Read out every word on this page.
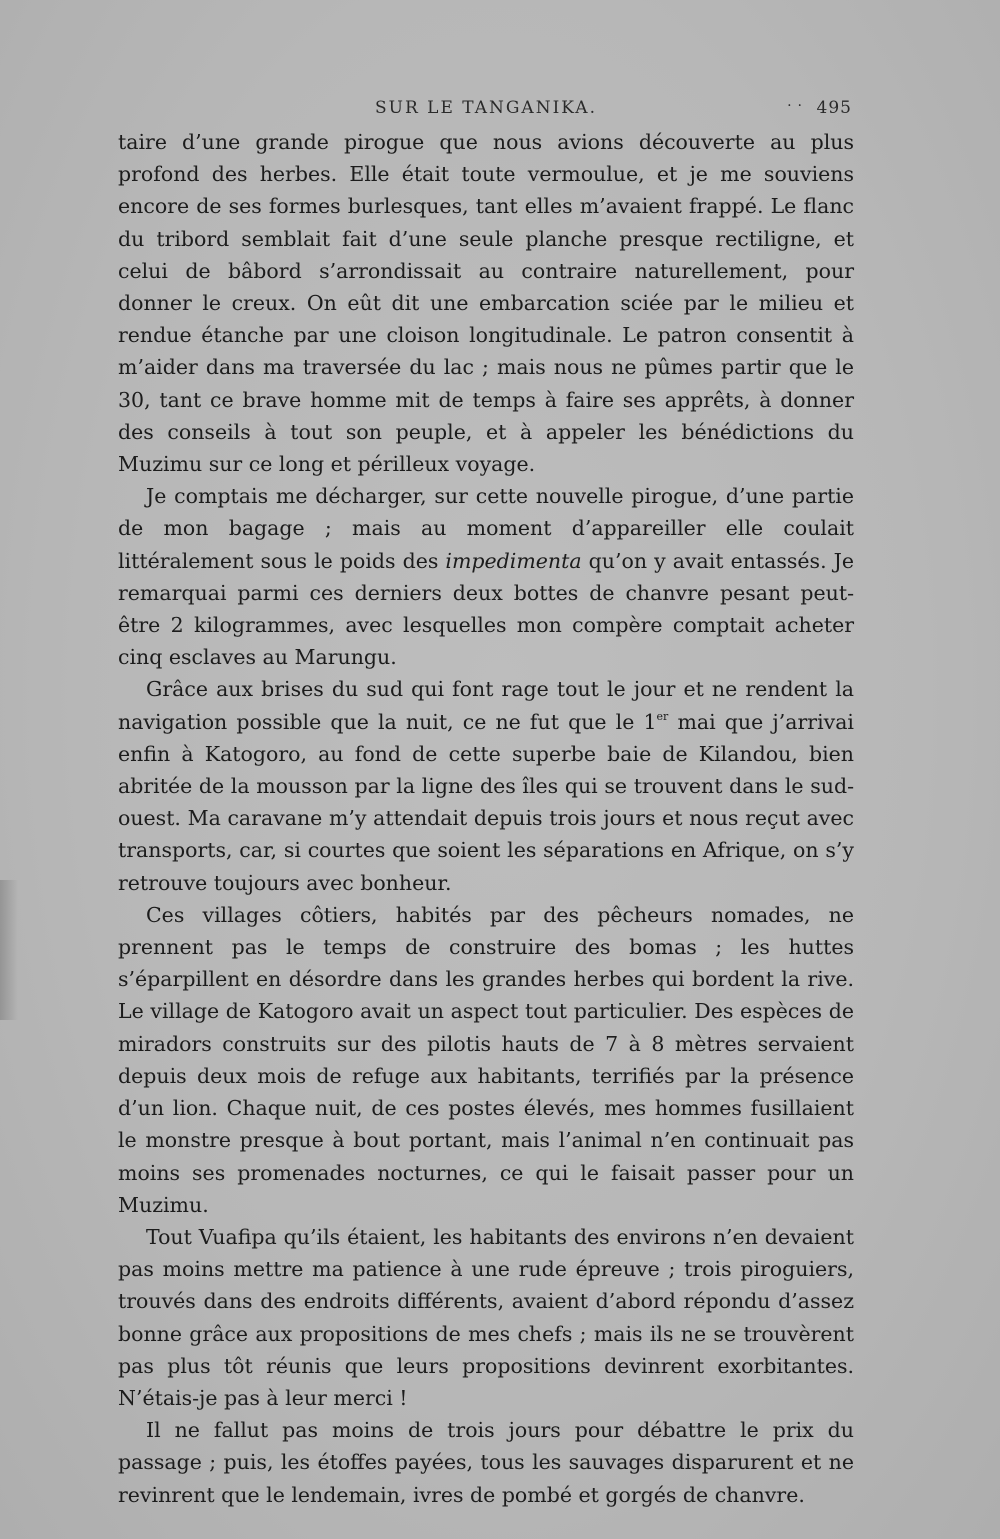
SUR LE TANGANIKA.	.. 495

taire d’une grande pirogue que nous avions découverte au plus profond des herbes. Elle était toute vermoulue, et je me souviens encore de ses formes burlesques, tant elles m’avaient frappé. Le flanc du tribord semblait fait d’une seule planche presque rectiligne, et celui de bâbord s’arrondissait au contraire naturellement, pour donner le creux. On eût dit une embarcation sciée par le milieu et rendue étanche par une cloison longitudinale. Le patron consentit à m’aider dans ma traversée du lac ; mais nous ne pûmes partir que le 30, tant ce brave homme mit de temps à faire ses apprêts, à donner des conseils à tout son peuple, et à appeler les bénédictions du Muzimu sur ce long et périlleux voyage.

Je comptais me décharger, sur cette nouvelle pirogue, d’une partie de mon bagage ; mais au moment d’appareiller elle coulait littéralement sous le poids des impedimenta qu’on y avait entassés. Je remarquai parmi ces derniers deux bottes de chanvre pesant peut-être 2 kilogrammes, avec lesquelles mon compère comptait acheter cinq esclaves au Marungu.

Grâce aux brises du sud qui font rage tout le jour et ne rendent la navigation possible que la nuit, ce ne fut que le 1er mai que j’arrivai enfin à Katogoro, au fond de cette superbe baie de Kilandou, bien abritée de la mousson par la ligne des îles qui se trouvent dans le sud-ouest. Ma caravane m’y attendait depuis trois jours et nous reçut avec transports, car, si courtes que soient les séparations en Afrique, on s’y retrouve toujours avec bonheur.

Ces villages côtiers, habités par des pêcheurs nomades, ne prennent pas le temps de construire des bomas ; les huttes s’éparpillent en désordre dans les grandes herbes qui bordent la rive. Le village de Katogoro avait un aspect tout particulier. Des espèces de miradors construits sur des pilotis hauts de 7 à 8 mètres servaient depuis deux mois de refuge aux habitants, terrifiés par la présence d’un lion. Chaque nuit, de ces postes élevés, mes hommes fusillaient le monstre presque à bout portant, mais l’animal n’en continuait pas moins ses promenades nocturnes, ce qui le faisait passer pour un Muzimu.

Tout Vuafipa qu’ils étaient, les habitants des environs n’en devaient pas moins mettre ma patience à une rude épreuve ; trois piroguiers, trouvés dans des endroits différents, avaient d’abord répondu d’assez bonne grâce aux propositions de mes chefs ; mais ils ne se trouvèrent pas plus tôt réunis que leurs propositions devinrent exorbitantes. N’étais-je pas à leur merci !

Il ne fallut pas moins de trois jours pour débattre le prix du passage ; puis, les étoffes payées, tous les sauvages disparurent et ne revinrent que le lendemain, ivres de pombé et gorgés de chanvre.
